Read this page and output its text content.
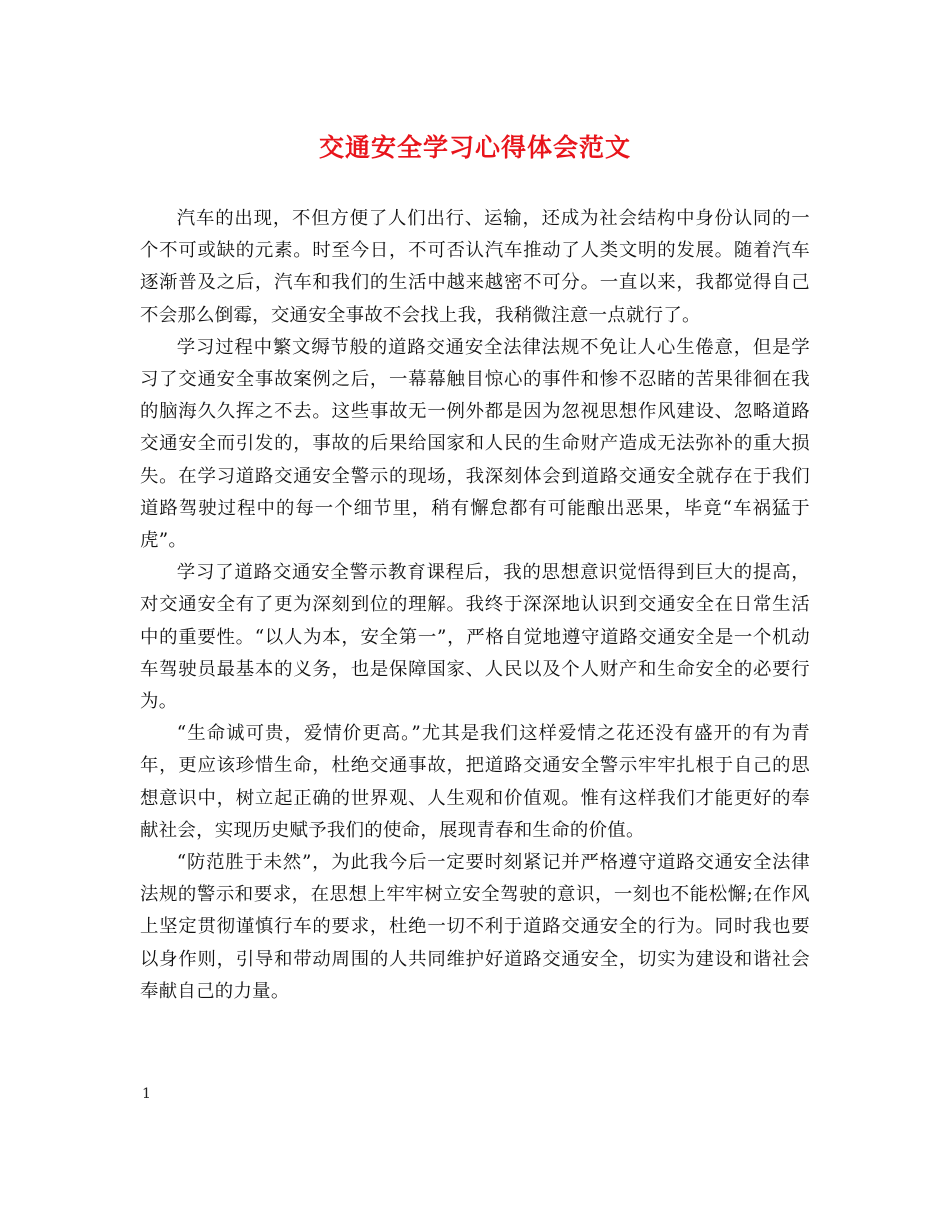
交通安全学习心得体会范文

汽车的出现，不但方便了人们出行、运输，还成为社会结构中身份认同的一个不可或缺的元素。时至今日，不可否认汽车推动了人类文明的发展。随着汽车逐渐普及之后，汽车和我们的生活中越来越密不可分。一直以来，我都觉得自己不会那么倒霉，交通安全事故不会找上我，我稍微注意一点就行了。

学习过程中繁文缛节般的道路交通安全法律法规不免让人心生倦意，但是学习了交通安全事故案例之后，一幕幕触目惊心的事件和惨不忍睹的苦果徘徊在我的脑海久久挥之不去。这些事故无一例外都是因为忽视思想作风建设、忽略道路交通安全而引发的，事故的后果给国家和人民的生命财产造成无法弥补的重大损失。在学习道路交通安全警示的现场，我深刻体会到道路交通安全就存在于我们道路驾驶过程中的每一个细节里，稍有懈怠都有可能酿出恶果，毕竟“车祸猛于虎”。

学习了道路交通安全警示教育课程后，我的思想意识觉悟得到巨大的提高，对交通安全有了更为深刻到位的理解。我终于深深地认识到交通安全在日常生活中的重要性。“以人为本，安全第一”，严格自觉地遵守道路交通安全是一个机动车驾驶员最基本的义务，也是保障国家、人民以及个人财产和生命安全的必要行为。

“生命诚可贵，爱情价更高。”尤其是我们这样爱情之花还没有盛开的有为青年，更应该珍惜生命，杜绝交通事故，把道路交通安全警示牢牢扎根于自己的思想意识中，树立起正确的世界观、人生观和价值观。惟有这样我们才能更好的奉献社会，实现历史赋予我们的使命，展现青春和生命的价值。

“防范胜于未然”，为此我今后一定要时刻紧记并严格遵守道路交通安全法律法规的警示和要求，在思想上牢牢树立安全驾驶的意识，一刻也不能松懈;在作风上坚定贯彻谨慎行车的要求，杜绝一切不利于道路交通安全的行为。同时我也要以身作则，引导和带动周围的人共同维护好道路交通安全，切实为建设和谐社会奉献自己的力量。

1
